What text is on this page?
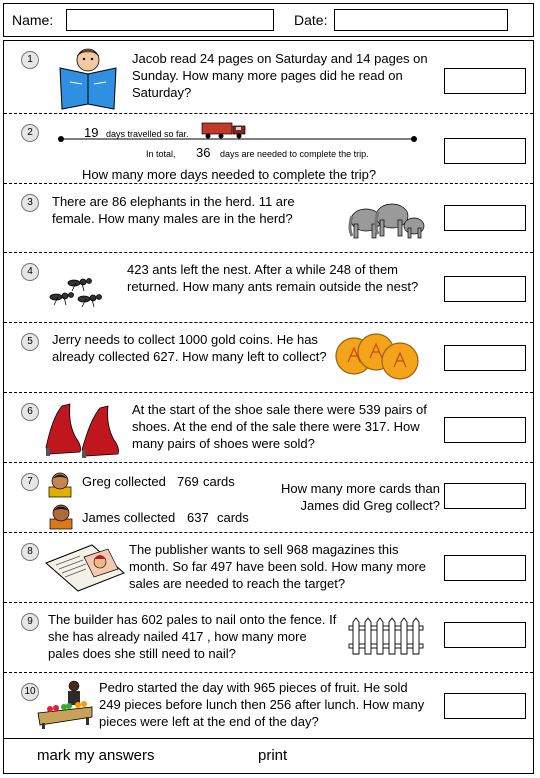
Name:	Date:
1	Jacob read 24 pages on Saturday and 14 pages on Sunday. How many more pages did he read on Saturday?
2	19 days travelled so far.
In total, 36 days are needed to complete the trip.
How many more days needed to complete the trip?
3	There are 86 elephants in the herd. 11 are female. How many males are in the herd?
4	423 ants left the nest. After a while 248 of them returned. How many ants remain outside the nest?
5	Jerry needs to collect 1000 gold coins. He has already collected 627. How many left to collect?
6	At the start of the shoe sale there were 539 pairs of shoes. At the end of the sale there were 317. How many pairs of shoes were sold?
7	Greg collected 769 cards
James collected 637 cards
How many more cards than James did Greg collect?
8	The publisher wants to sell 968 magazines this month. So far 497 have been sold. How many more sales are needed to reach the target?
9	The builder has 602 pales to nail onto the fence. If she has already nailed 417 , how many more pales does she still need to nail?
10	Pedro started the day with 965 pieces of fruit. He sold 249 pieces before lunch then 256 after lunch. How many pieces were left at the end of the day?
mark my answers	print
